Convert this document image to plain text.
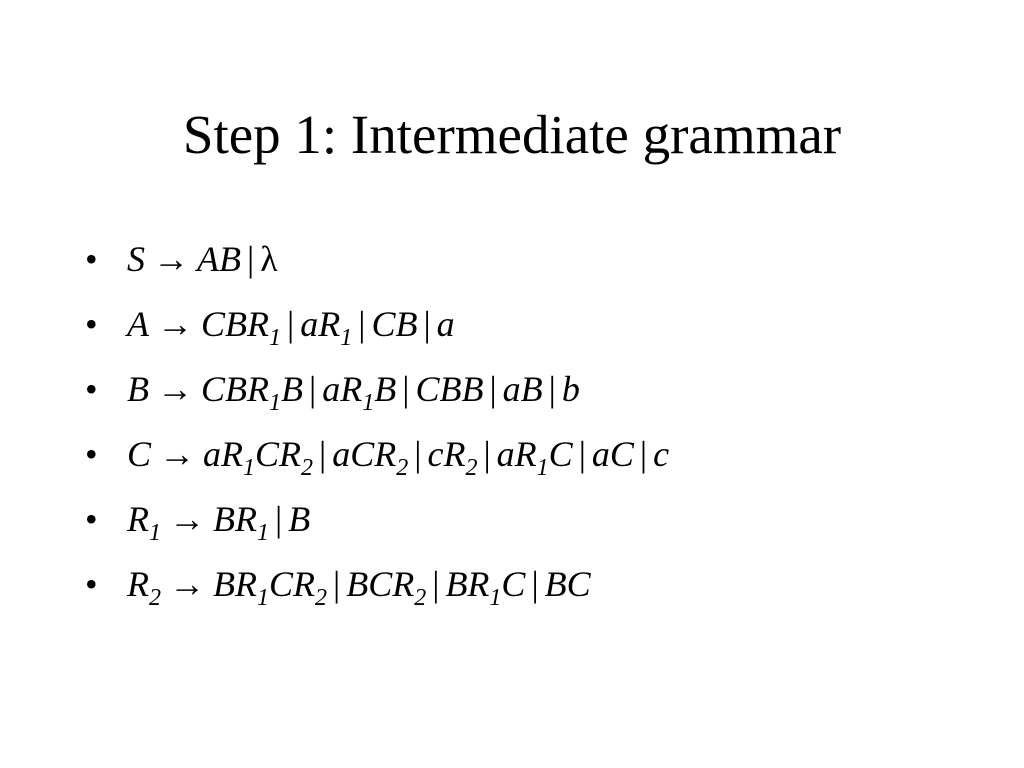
Step 1: Intermediate grammar
• S → AB | λ
• $A \to CBR_1$ | $aR_1$ | CB | a
• $B \to CBR_1B$ | $aR_1B$ | CBB | aB | b
• $C \to aR_1CR_2$ | aCR$_2$ | $cR_2$ | $aR_1C$ | aC | c
• $R_1 \to BR_1$ | B
• $R_2 \to BR_1CR_2$ | $BCR_2$ | $BR_1C$ | BC
